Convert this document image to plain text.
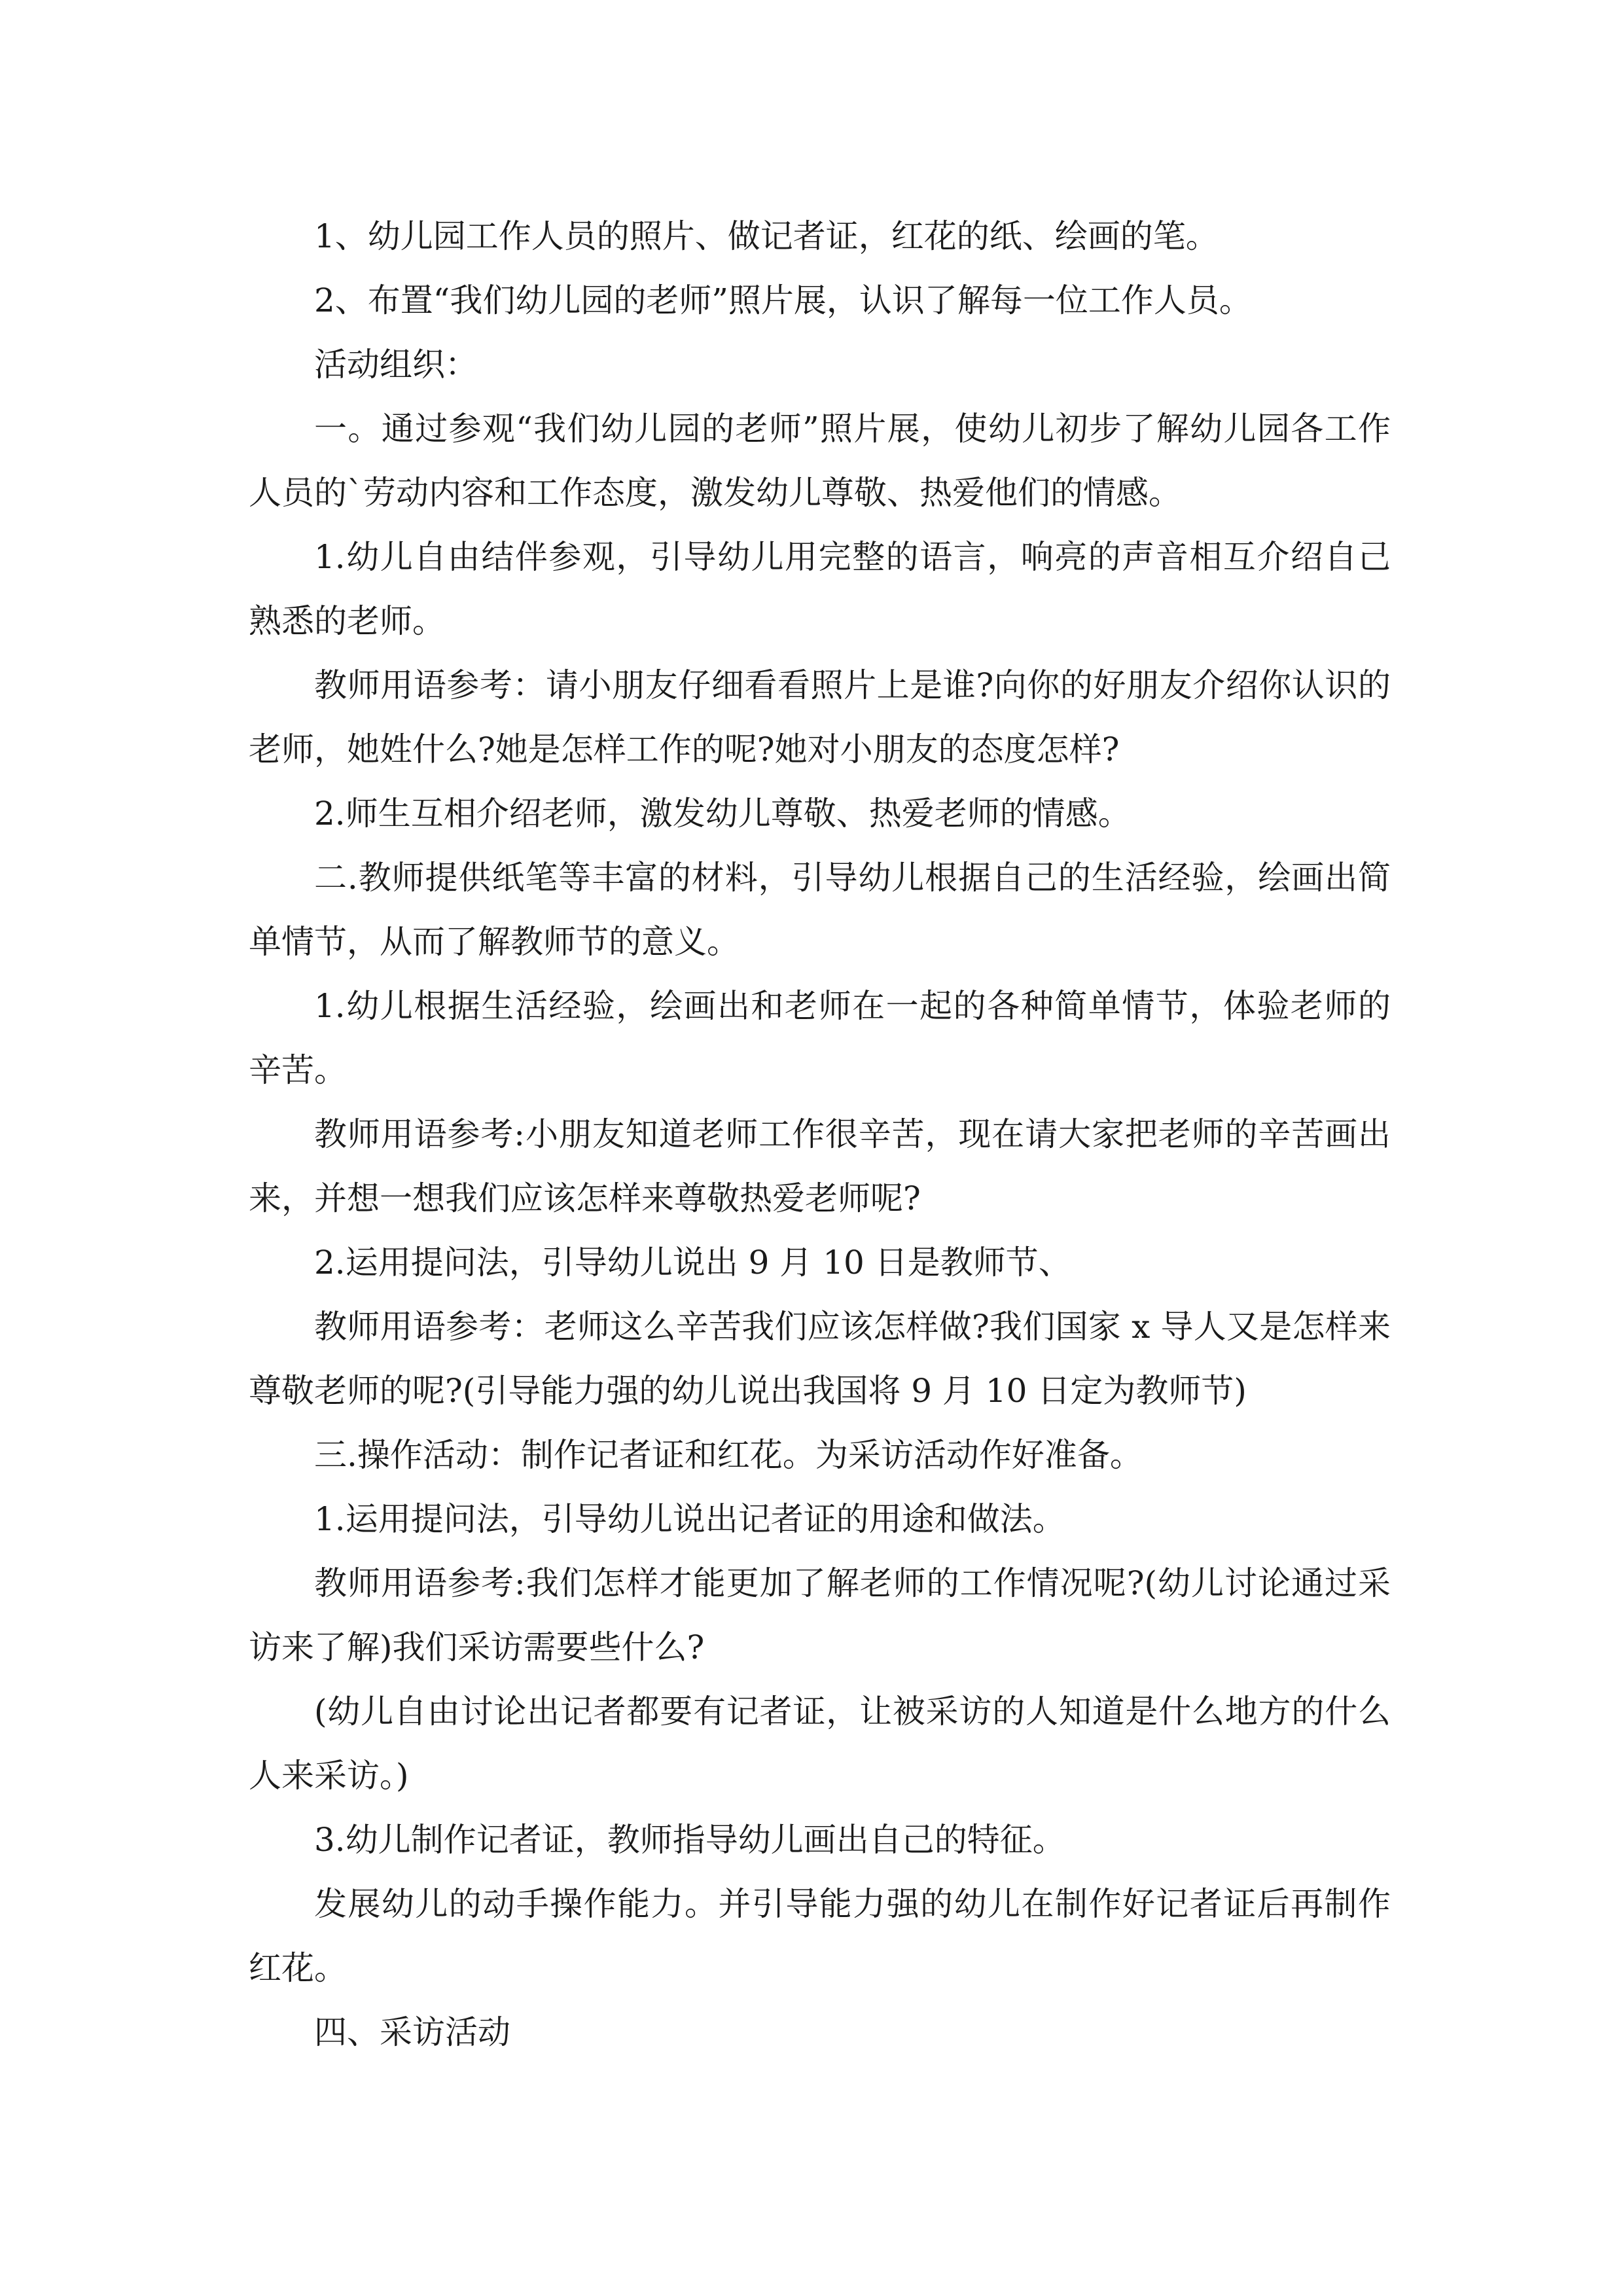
1、幼儿园工作人员的照片、做记者证，红花的纸、绘画的笔。

2、布置“我们幼儿园的老师”照片展，认识了解每一位工作人员。

活动组织：

一。通过参观“我们幼儿园的老师”照片展，使幼儿初步了解幼儿园各工作人员的`劳动内容和工作态度，激发幼儿尊敬、热爱他们的情感。

1.幼儿自由结伴参观，引导幼儿用完整的语言，响亮的声音相互介绍自己熟悉的老师。

教师用语参考：请小朋友仔细看看照片上是谁?向你的好朋友介绍你认识的老师，她姓什么?她是怎样工作的呢?她对小朋友的态度怎样?

2.师生互相介绍老师，激发幼儿尊敬、热爱老师的情感。

二.教师提供纸笔等丰富的材料，引导幼儿根据自己的生活经验，绘画出简单情节，从而了解教师节的意义。

1.幼儿根据生活经验，绘画出和老师在一起的各种简单情节，体验老师的辛苦。

教师用语参考:小朋友知道老师工作很辛苦，现在请大家把老师的辛苦画出来，并想一想我们应该怎样来尊敬热爱老师呢?

2.运用提问法，引导幼儿说出 9 月 10 日是教师节、

教师用语参考：老师这么辛苦我们应该怎样做?我们国家 x 导人又是怎样来尊敬老师的呢?(引导能力强的幼儿说出我国将 9 月 10 日定为教师节)

三.操作活动：制作记者证和红花。为采访活动作好准备。

1.运用提问法，引导幼儿说出记者证的用途和做法。

教师用语参考:我们怎样才能更加了解老师的工作情况呢?(幼儿讨论通过采访来了解)我们采访需要些什么?

(幼儿自由讨论出记者都要有记者证，让被采访的人知道是什么地方的什么人来采访。)

3.幼儿制作记者证，教师指导幼儿画出自己的特征。

发展幼儿的动手操作能力。并引导能力强的幼儿在制作好记者证后再制作红花。

四、采访活动
